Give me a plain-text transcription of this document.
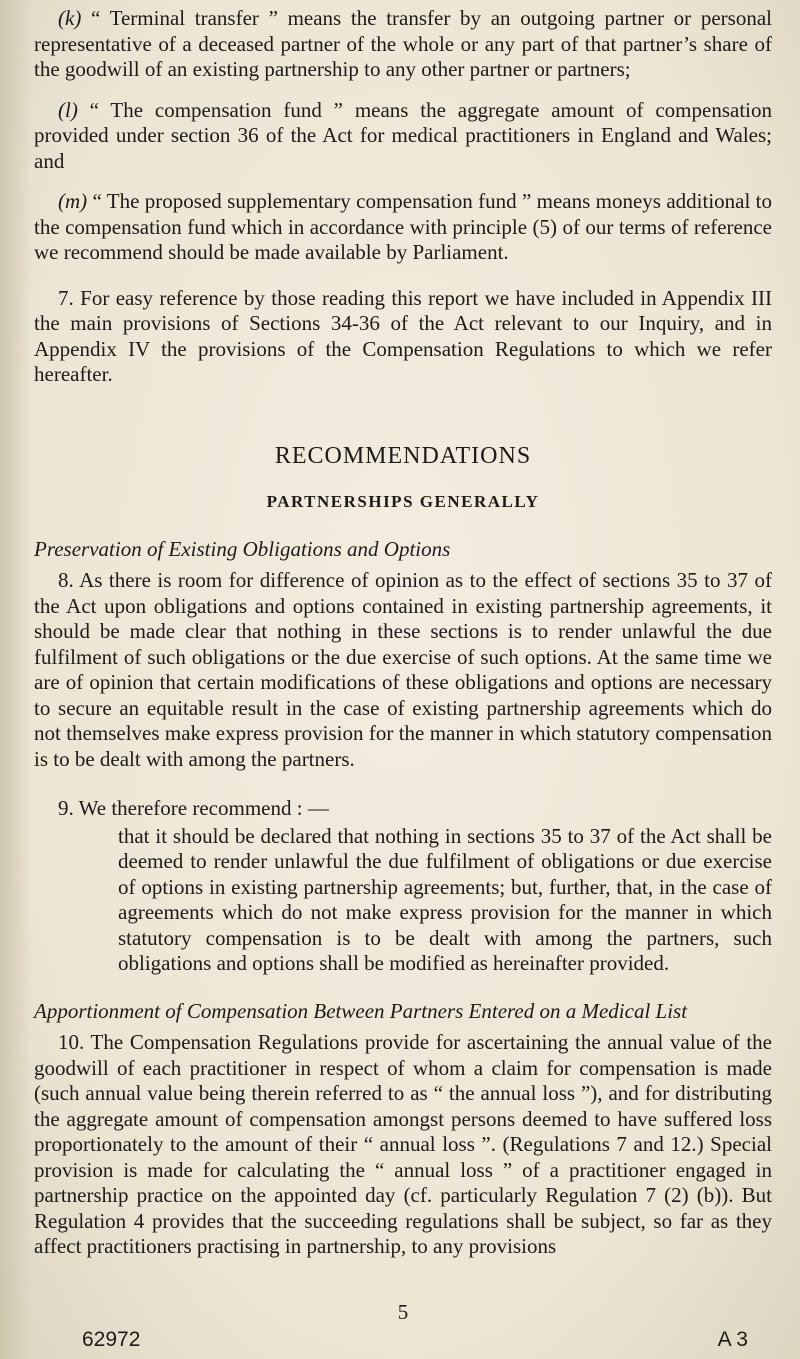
(k) “ Terminal transfer ” means the transfer by an outgoing partner or personal representative of a deceased partner of the whole or any part of that partner’s share of the goodwill of an existing partnership to any other partner or partners;

(l) “ The compensation fund ” means the aggregate amount of compensation provided under section 36 of the Act for medical practitioners in England and Wales; and

(m) “ The proposed supplementary compensation fund ” means moneys additional to the compensation fund which in accordance with principle (5) of our terms of reference we recommend should be made available by Parliament.

7. For easy reference by those reading this report we have included in Appendix III the main provisions of Sections 34-36 of the Act relevant to our Inquiry, and in Appendix IV the provisions of the Compensation Regulations to which we refer hereafter.

RECOMMENDATIONS

PARTNERSHIPS GENERALLY

Preservation of Existing Obligations and Options

8. As there is room for difference of opinion as to the effect of sections 35 to 37 of the Act upon obligations and options contained in existing partnership agreements, it should be made clear that nothing in these sections is to render unlawful the due fulfilment of such obligations or the due exercise of such options. At the same time we are of opinion that certain modifications of these obligations and options are necessary to secure an equitable result in the case of existing partnership agreements which do not themselves make express provision for the manner in which statutory compensation is to be dealt with among the partners.

9. We therefore recommend : —

that it should be declared that nothing in sections 35 to 37 of the Act shall be deemed to render unlawful the due fulfilment of obligations or due exercise of options in existing partnership agreements; but, further, that, in the case of agreements which do not make express provision for the manner in which statutory compensation is to be dealt with among the partners, such obligations and options shall be modified as hereinafter provided.

Apportionment of Compensation Between Partners Entered on a Medical List

10. The Compensation Regulations provide for ascertaining the annual value of the goodwill of each practitioner in respect of whom a claim for compensation is made (such annual value being therein referred to as “ the annual loss ”), and for distributing the aggregate amount of compensation amongst persons deemed to have suffered loss proportionately to the amount of their “ annual loss ”. (Regulations 7 and 12.) Special provision is made for calculating the “ annual loss ” of a practitioner engaged in partnership practice on the appointed day (cf. particularly Regulation 7 (2) (b)). But Regulation 4 provides that the succeeding regulations shall be subject, so far as they affect practitioners practising in partnership, to any provisions

5
62972	A 3
